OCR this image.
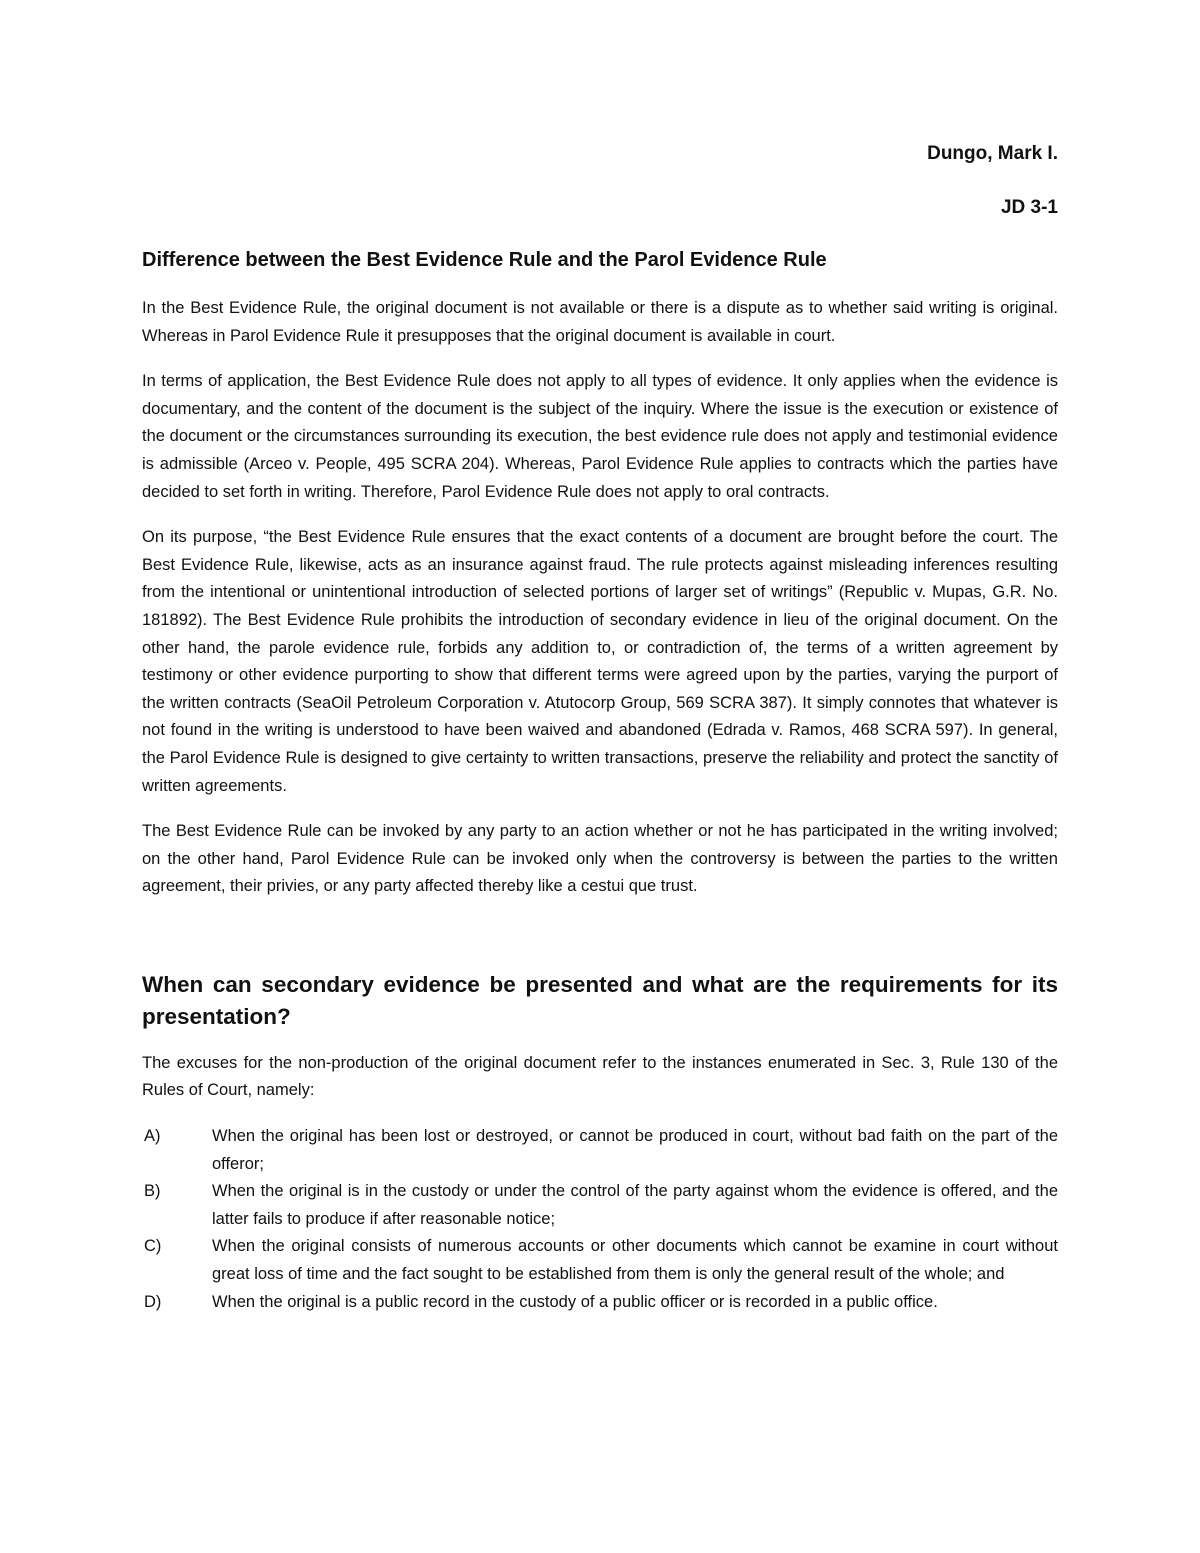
Dungo, Mark I.

JD 3-1

Difference between the Best Evidence Rule and the Parol Evidence Rule

In the Best Evidence Rule, the original document is not available or there is a dispute as to whether said writing is original. Whereas in Parol Evidence Rule it presupposes that the original document is available in court.

In terms of application, the Best Evidence Rule does not apply to all types of evidence. It only applies when the evidence is documentary, and the content of the document is the subject of the inquiry. Where the issue is the execution or existence of the document or the circumstances surrounding its execution, the best evidence rule does not apply and testimonial evidence is admissible (Arceo v. People, 495 SCRA 204). Whereas, Parol Evidence Rule applies to contracts which the parties have decided to set forth in writing. Therefore, Parol Evidence Rule does not apply to oral contracts.

On its purpose, “the Best Evidence Rule ensures that the exact contents of a document are brought before the court. The Best Evidence Rule, likewise, acts as an insurance against fraud. The rule protects against misleading inferences resulting from the intentional or unintentional introduction of selected portions of larger set of writings” (Republic v. Mupas, G.R. No. 181892). The Best Evidence Rule prohibits the introduction of secondary evidence in lieu of the original document. On the other hand, the parole evidence rule, forbids any addition to, or contradiction of, the terms of a written agreement by testimony or other evidence purporting to show that different terms were agreed upon by the parties, varying the purport of the written contracts (SeaOil Petroleum Corporation v. Atutocorp Group, 569 SCRA 387). It simply connotes that whatever is not found in the writing is understood to have been waived and abandoned (Edrada v. Ramos, 468 SCRA 597). In general, the Parol Evidence Rule is designed to give certainty to written transactions, preserve the reliability and protect the sanctity of written agreements.

The Best Evidence Rule can be invoked by any party to an action whether or not he has participated in the writing involved; on the other hand, Parol Evidence Rule can be invoked only when the controversy is between the parties to the written agreement, their privies, or any party affected thereby like a cestui que trust.

When can secondary evidence be presented and what are the requirements for its presentation?

The excuses for the non-production of the original document refer to the instances enumerated in Sec. 3, Rule 130 of the Rules of Court, namely:

A)	When the original has been lost or destroyed, or cannot be produced in court, without bad faith on the part of the offeror;
B)	When the original is in the custody or under the control of the party against whom the evidence is offered, and the latter fails to produce if after reasonable notice;
C)	When the original consists of numerous accounts or other documents which cannot be examine in court without great loss of time and the fact sought to be established from them is only the general result of the whole; and
D)	When the original is a public record in the custody of a public officer or is recorded in a public office.
